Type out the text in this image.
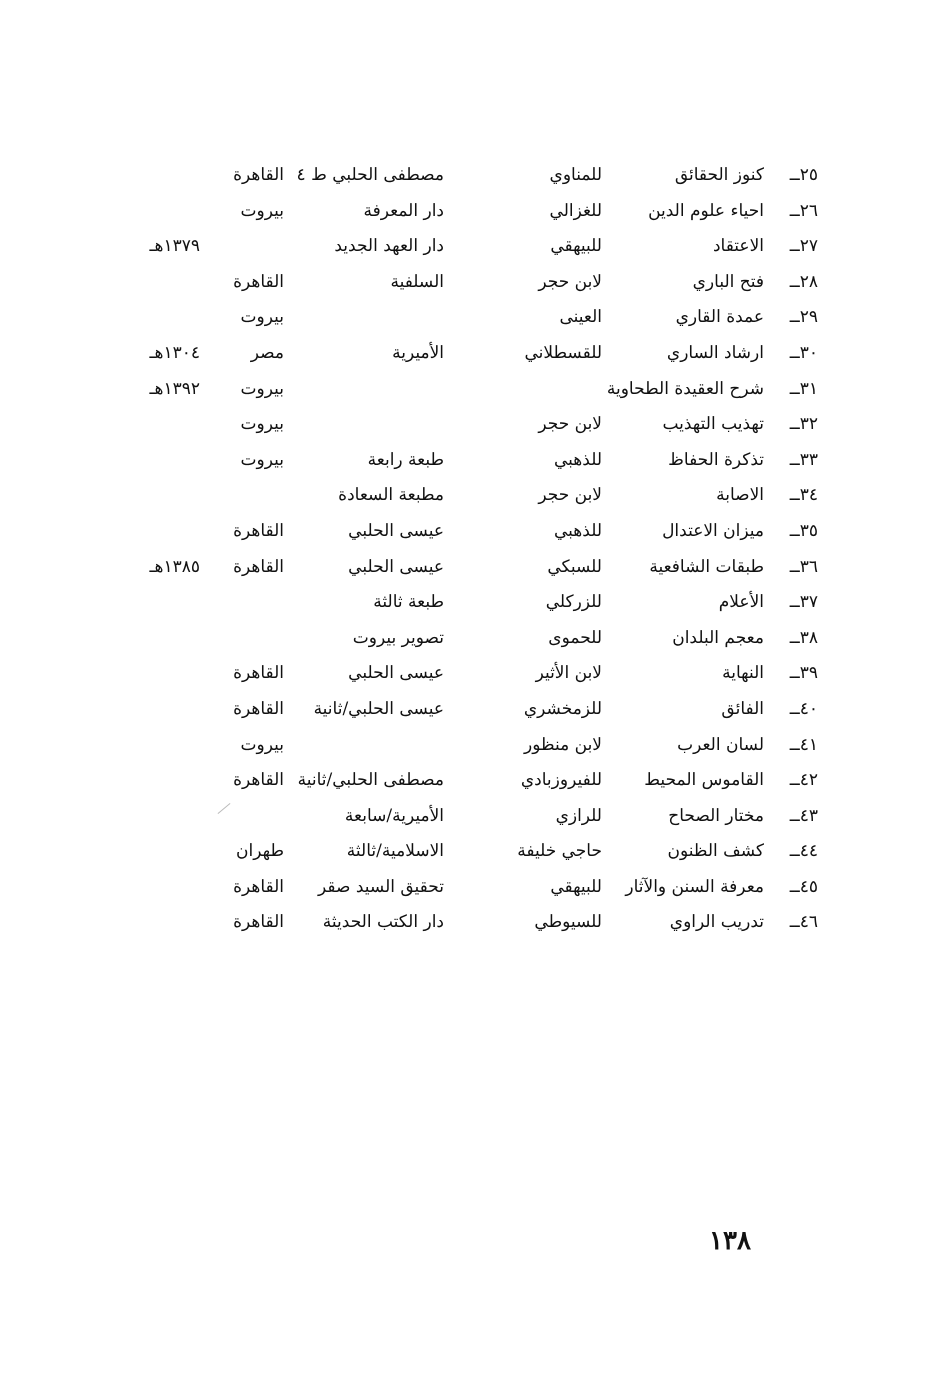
٢٥ــ
كنوز الحقائق
للمناوي
مصطفى الحلبي ط ٤
القاهرة
٢٦ــ
احياء علوم الدين
للغزالي
دار المعرفة
بيروت
٢٧ــ
الاعتقاد
للبيهقي
دار العهد الجديد
١٣٧٩هـ
٢٨ــ
فتح الباري
لابن حجر
السلفية
القاهرة
٢٩ــ
عمدة القاري
العينى
بيروت
٣٠ــ
ارشاد الساري
للقسطلاني
الأميرية
مصر
١٣٠٤هـ
٣١ــ
شرح العقيدة الطحاوية
بيروت
١٣٩٢هـ
٣٢ــ
تهذيب التهذيب
لابن حجر
بيروت
٣٣ــ
تذكرة الحفاظ
للذهبي
طبعة رابعة
بيروت
٣٤ــ
الاصابة
لابن حجر
مطبعة السعادة
٣٥ــ
ميزان الاعتدال
للذهبي
عيسى الحلبي
القاهرة
٣٦ــ
طبقات الشافعية
للسبكي
عيسى الحلبي
القاهرة
١٣٨٥هـ
٣٧ــ
الأعلام
للزركلي
طبعة ثالثة
٣٨ــ
معجم البلدان
للحموى
تصوير بيروت
٣٩ــ
النهاية
لابن الأثير
عيسى الحلبي
القاهرة
٤٠ــ
الفائق
للزمخشري
عيسى الحلبي/ثانية
القاهرة
٤١ــ
لسان العرب
لابن منظور
بيروت
٤٢ــ
القاموس المحيط
للفيروزبادي
مصطفى الحلبي/ثانية
القاهرة
٤٣ــ
مختار الصحاح
للرازي
الأميرية/سابعة
٤٤ــ
كشف الظنون
حاجي خليفة
الاسلامية/ثالثة
طهران
٤٥ــ
معرفة السنن والآثار
للبيهقي
تحقيق السيد صقر
القاهرة
٤٦ــ
تدريب الراوي
للسيوطي
دار الكتب الحديثة
القاهرة
١٣٨
